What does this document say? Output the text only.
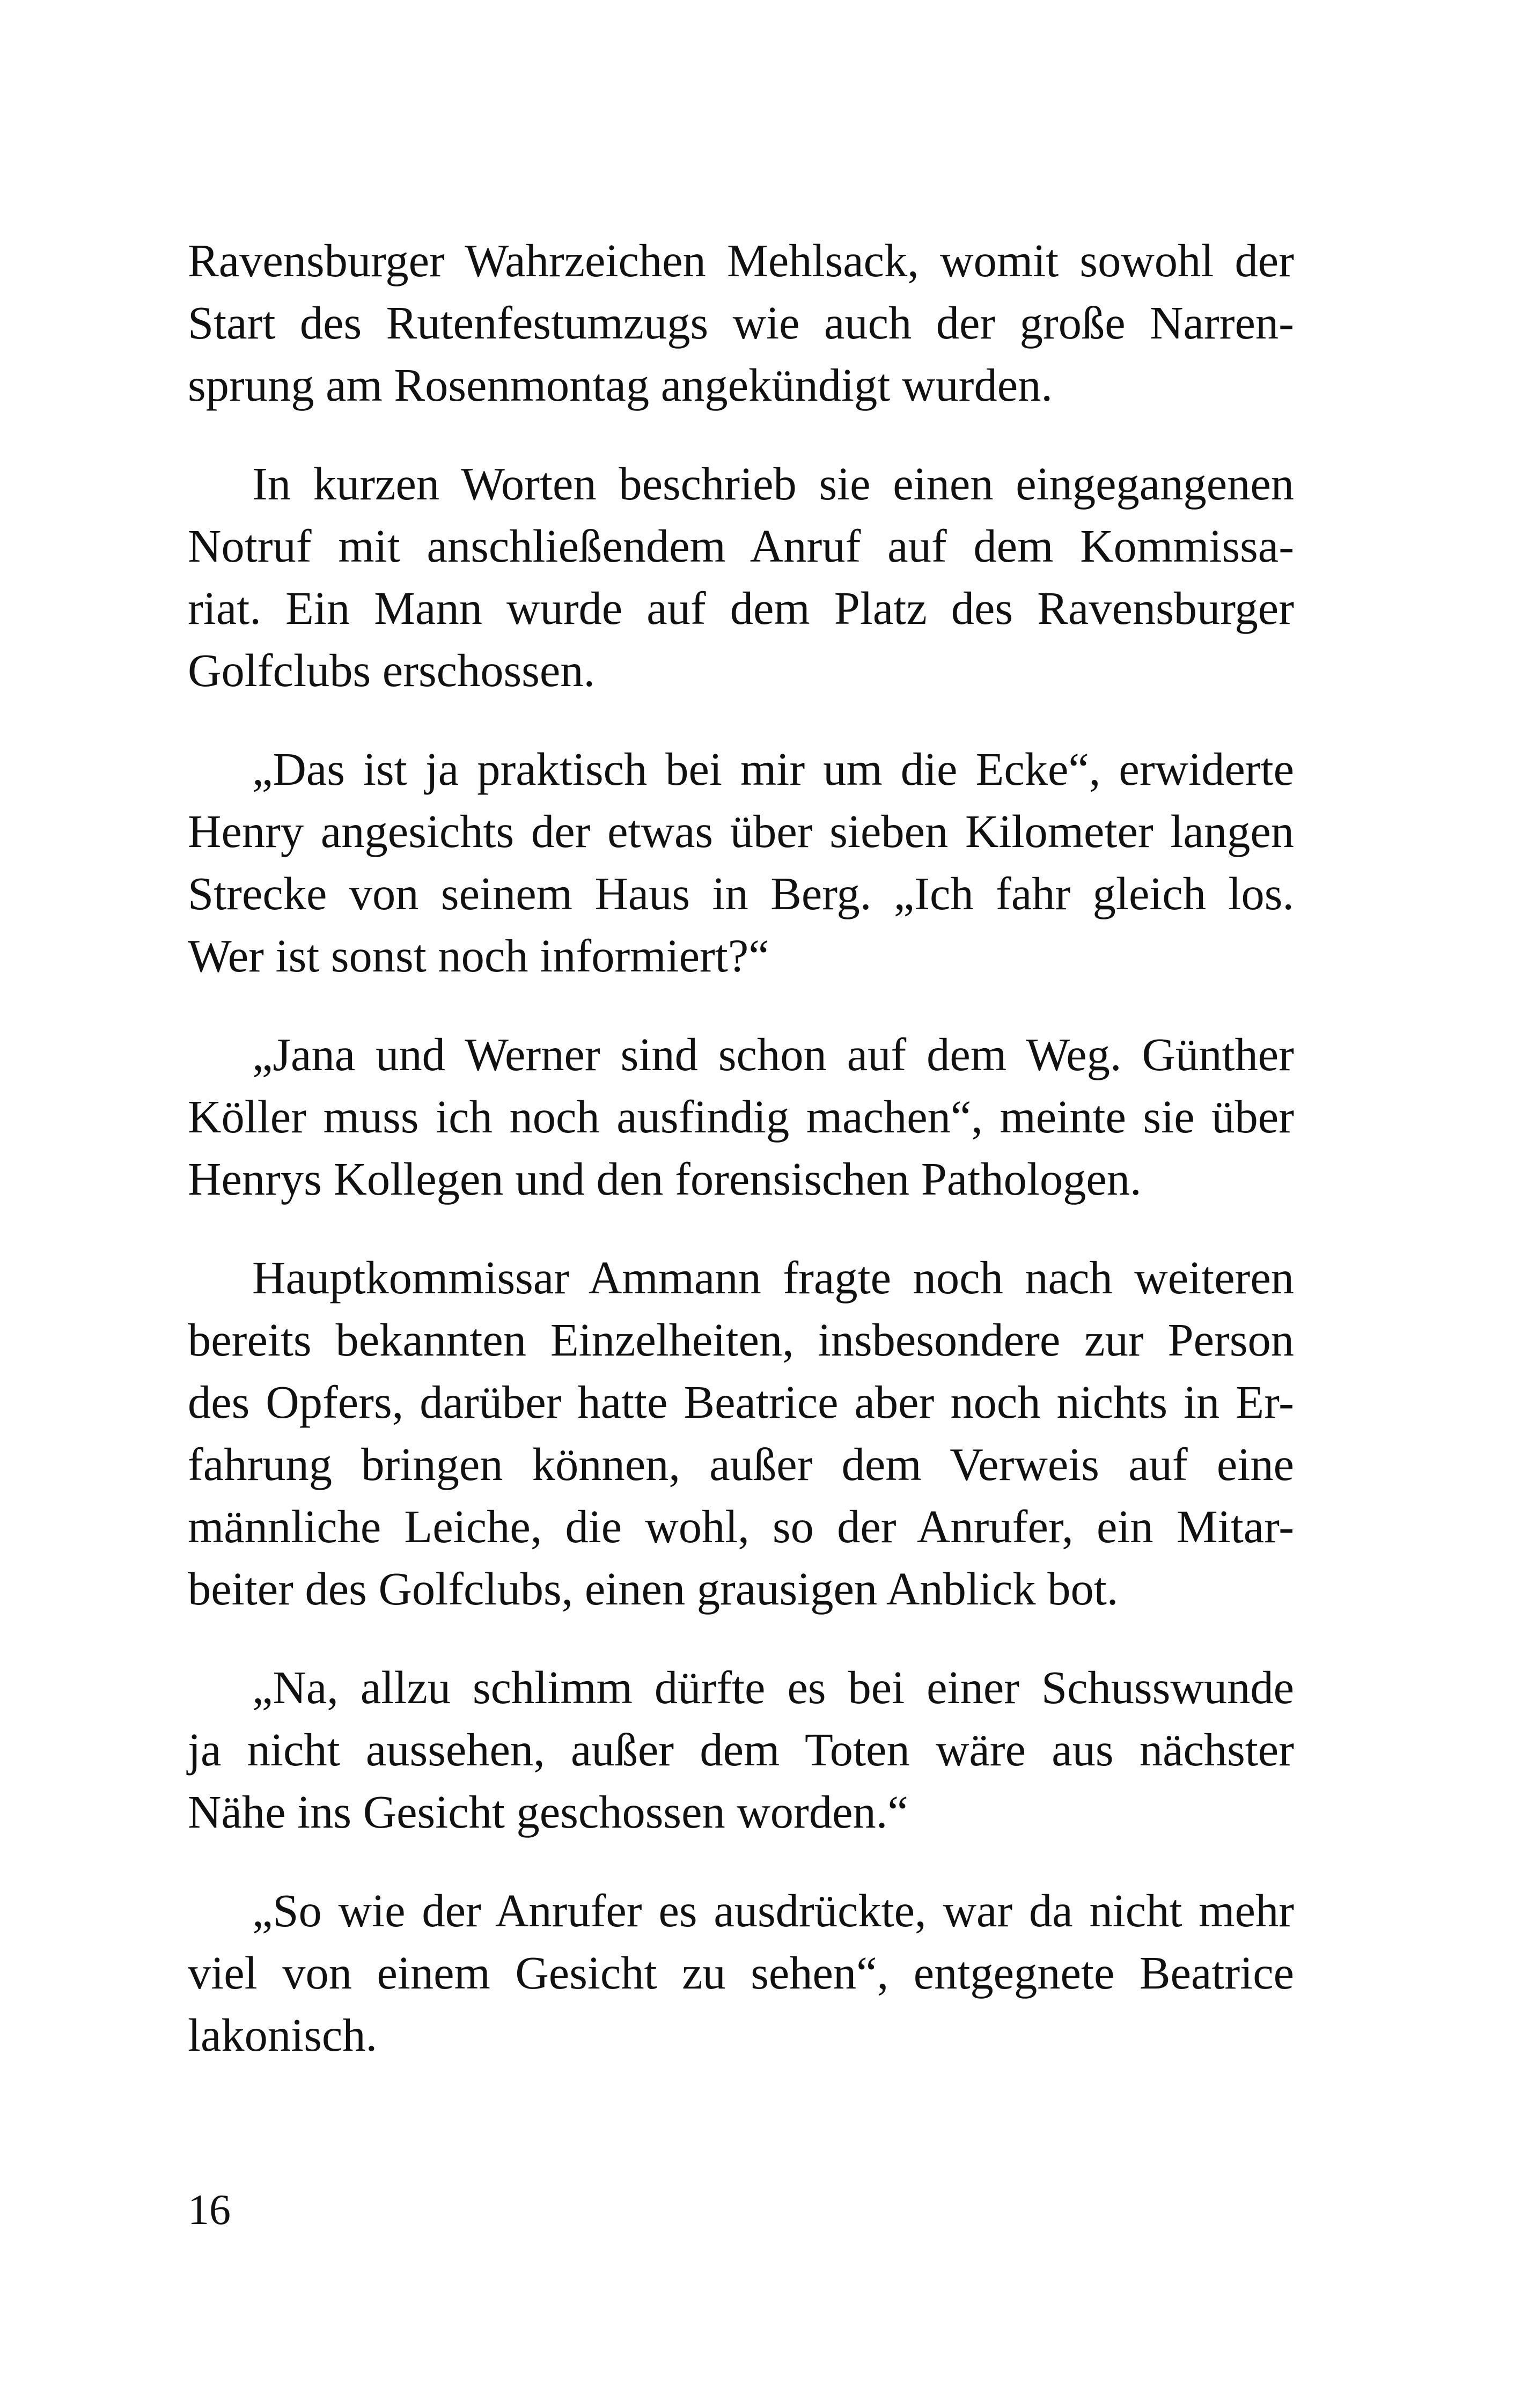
Ravensburger Wahrzeichen Mehlsack, womit sowohl der
Start des Rutenfestumzugs wie auch der große Narren-
sprung am Rosenmontag angekündigt wurden.

In kurzen Worten beschrieb sie einen eingegangenen
Notruf mit anschließendem Anruf auf dem Kommissa-
riat. Ein Mann wurde auf dem Platz des Ravensburger
Golfclubs erschossen.

„Das ist ja praktisch bei mir um die Ecke“, erwiderte
Henry angesichts der etwas über sieben Kilometer langen
Strecke von seinem Haus in Berg. „Ich fahr gleich los.
Wer ist sonst noch informiert?“

„Jana und Werner sind schon auf dem Weg. Günther
Köller muss ich noch ausfindig machen“, meinte sie über
Henrys Kollegen und den forensischen Pathologen.

Hauptkommissar Ammann fragte noch nach weiteren
bereits bekannten Einzelheiten, insbesondere zur Person
des Opfers, darüber hatte Beatrice aber noch nichts in Er-
fahrung bringen können, außer dem Verweis auf eine
männliche Leiche, die wohl, so der Anrufer, ein Mitar-
beiter des Golfclubs, einen grausigen Anblick bot.

„Na, allzu schlimm dürfte es bei einer Schusswunde
ja nicht aussehen, außer dem Toten wäre aus nächster
Nähe ins Gesicht geschossen worden.“

„So wie der Anrufer es ausdrückte, war da nicht mehr
viel von einem Gesicht zu sehen“, entgegnete Beatrice
lakonisch.

16
